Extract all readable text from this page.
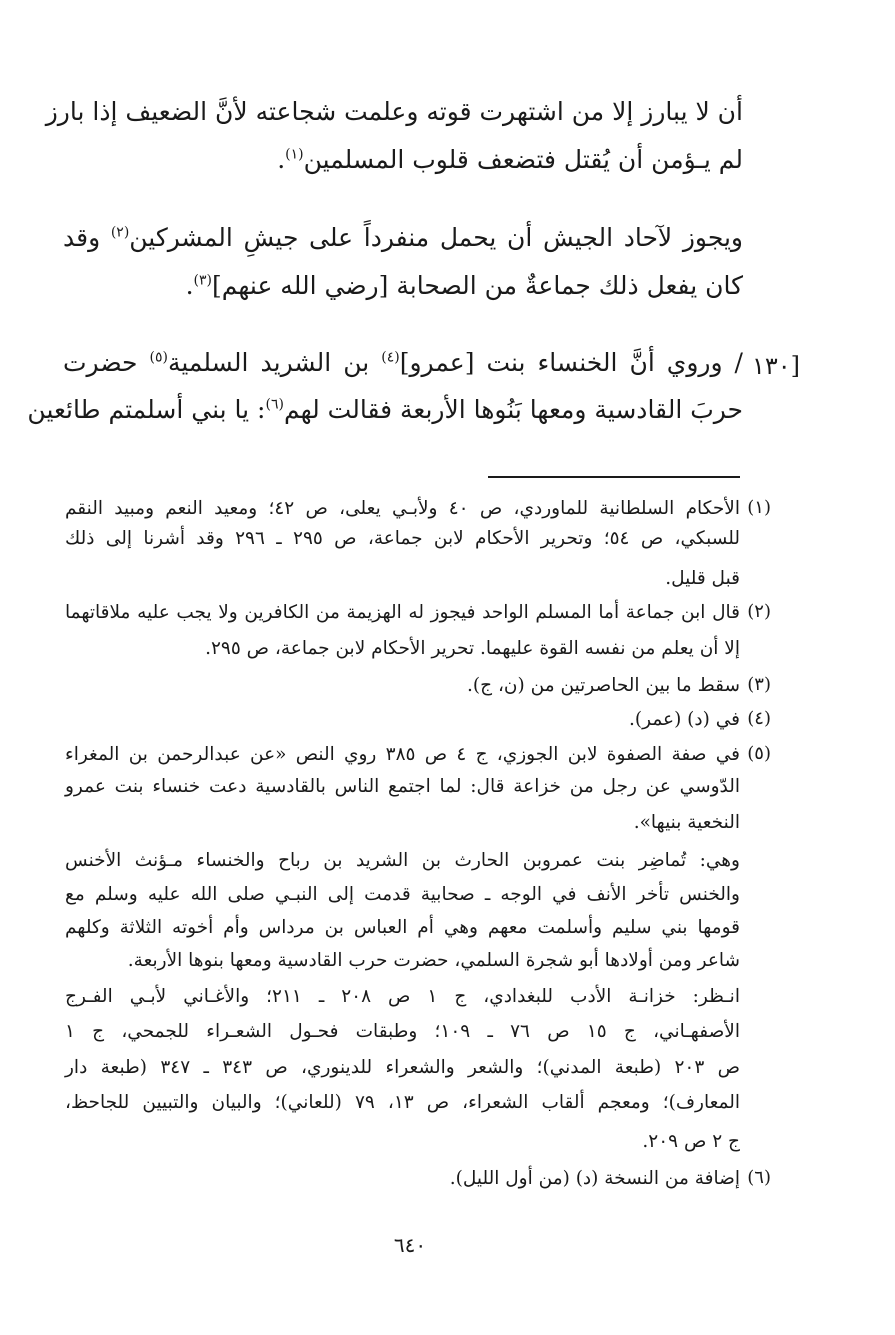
أن لا يبارز إلا من اشتهرت قوته وعلمت شجاعته لأنَّ الضعيف إذا بارز
لم يـؤمن أن يُقتل فتضعف قلوب المسلمين$^{(١)}$.
ويجوز لآحاد الجيش أن يحمل منفرداً على جيشِ المشركين$^{(٢)}$ وقد
كان يفعل ذلك جماعةٌ من الصحابة [رضي الله عنهم]$^{(٣)}$.
[١٣٠
/ وروي أنَّ الخنساء بنت [عمرو]$^{(٤)}$ بن الشريد السلمية$^{(٥)}$ حضرت
حربَ القادسية ومعها بَنُوها الأربعة فقالت لهم$^{(٦)}$: يا بني أسلمتم طائعين
(١)
الأحكام السلطانية للماوردي، ص ٤٠ ولأبـي يعلى، ص ٤٢؛ ومعيد النعم ومبيد النقم
للسبكي، ص ٥٤؛ وتحرير الأحكام لابن جماعة، ص ٢٩٥ ـ ٢٩٦ وقد أشرنا إلى ذلك
قبل قليل.
(٢)
قال ابن جماعة أما المسلم الواحد فيجوز له الهزيمة من الكافرين ولا يجب عليه ملاقاتهما
إلا أن يعلم من نفسه القوة عليهما. تحرير الأحكام لابن جماعة، ص ٢٩٥.
(٣)
سقط ما بين الحاصرتين من (ن، ج).
(٤)
في (د) (عمر).
(٥)
في صفة الصفوة لابن الجوزي، ج ٤ ص ٣٨٥ روي النص «عن عبدالرحمن بن المغراء
الدّوسي عن رجل من خزاعة قال: لما اجتمع الناس بالقادسية دعت خنساء بنت عمرو
النخعية بنيها».
وهي: تُماضِر بنت عمروبن الحارث بن الشريد بن رباح والخنساء مـؤنث الأخنس
والخنس تأخر الأنف في الوجه ـ صحابية قدمت إلى النبـي صلى الله عليه وسلم مع
قومها بني سليم وأسلمت معهم وهي أم العباس بن مرداس وأم أخوته الثلاثة وكلهم
شاعر ومن أولادها أبو شجرة السلمي، حضرت حرب القادسية ومعها بنوها الأربعة.
انـظر: خزانـة الأدب للبغدادي، ج ١ ص ٢٠٨ ـ ٢١١؛ والأغـاني لأبـي الفـرج
الأصفهـاني، ج ١٥ ص ٧٦ ـ ١٠٩؛ وطبقات فحـول الشعـراء للجمحي، ج ١
ص ٢٠٣ (طبعة المدني)؛ والشعر والشعراء للدينوري، ص ٣٤٣ ـ ٣٤٧ (طبعة دار
المعارف)؛ ومعجم ألقاب الشعراء، ص ١٣، ٧٩ (للعاني)؛ والبيان والتبيين للجاحظ،
ج ٢ ص ٢٠٩.
(٦)
إضافة من النسخة (د) (من أول الليل).
٦٤٠
